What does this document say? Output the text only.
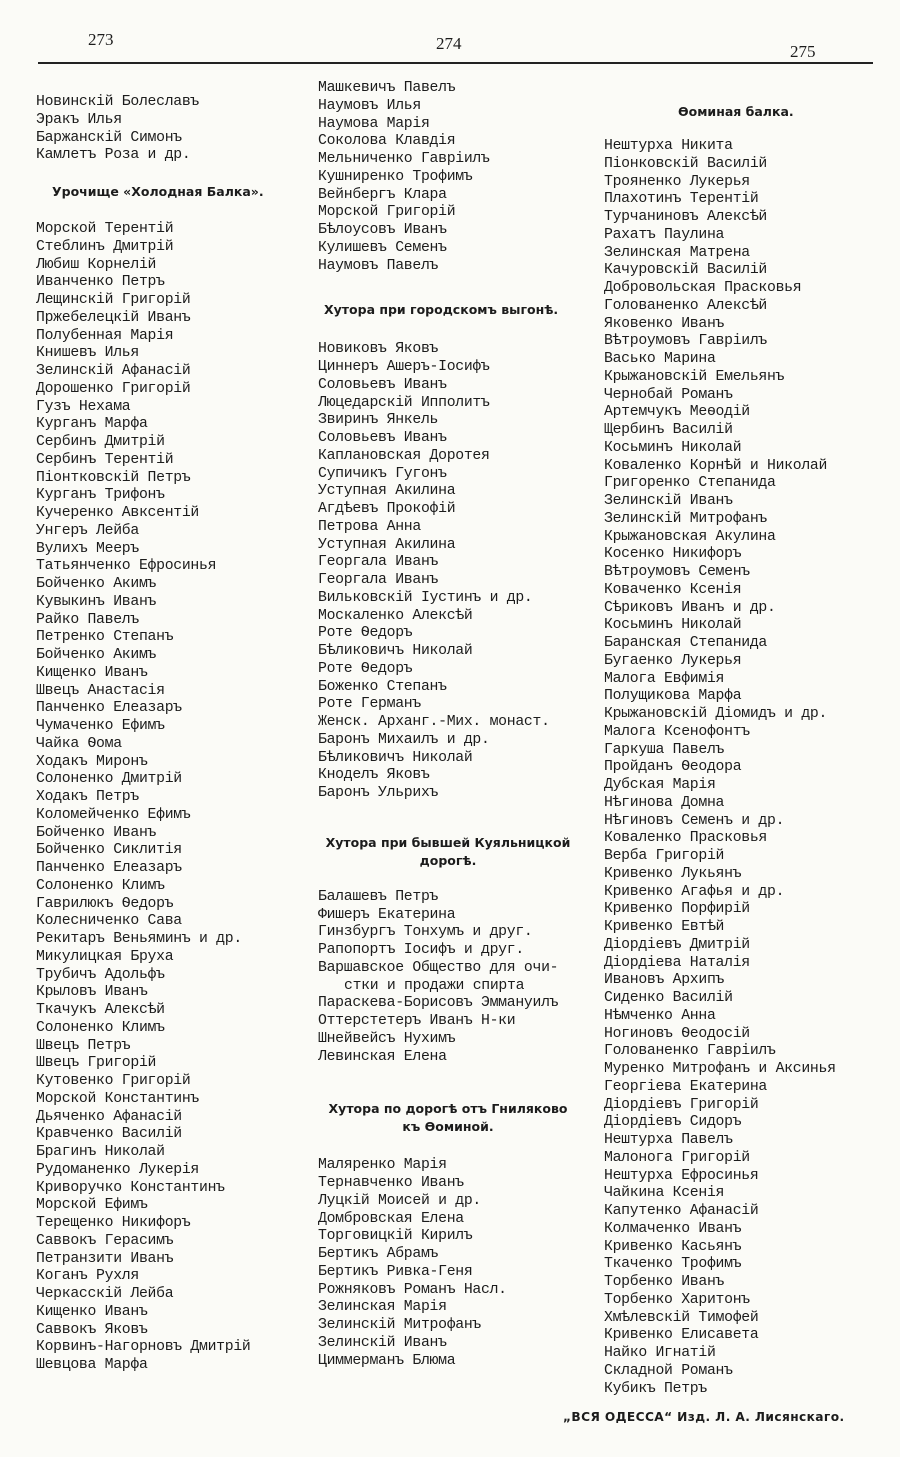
273	274	275
Новинскій Болеславъ
Эракъ Илья
Баржанскій Симонъ
Камлетъ Роза и др.
Урочище «Холодная Балка».
Морской Терентій
Стеблинъ Дмитрій
Любиш Корнелій
Иванченко Петръ
Лещинскій Григорій
Пржебелецкій Иванъ
Полубенная Марія
Книшевъ Илья
Зелинскій Афанасій
Дорошенко Григорій
Гузъ Нехама
Курганъ Марфа
Сербинъ Дмитрій
Сербинъ Терентій
Піонтковскій Петръ
Курганъ Трифонъ
Кучеренко Авксентій
Унгеръ Лейба
Вулихъ Мееръ
Татьянченко Ефросинья
Бойченко Акимъ
Кувыкинъ Иванъ
Райко Павелъ
Петренко Степанъ
Бойченко Акимъ
Кищенко Иванъ
Швецъ Анастасія
Панченко Елеазаръ
Чумаченко Ефимъ
Чайка Ѳома
Ходакъ Миронъ
Солоненко Дмитрій
Ходакъ Петръ
Коломейченко Ефимъ
Бойченко Иванъ
Бойченко Сиклитія
Панченко Елеазаръ
Солоненко Климъ
Гаврилюкъ Ѳедоръ
Колесниченко Сава
Рекитаръ Веньяминъ и др.
Микулицкая Бруха
Трубичъ Адольфъ
Крыловъ Иванъ
Ткачукъ Алексѣй
Солоненко Климъ
Швецъ Петръ
Швецъ Григорій
Кутовенко Григорій
Морской Константинъ
Дьяченко Афанасій
Кравченко Василій
Брагинъ Николай
Рудоманенко Лукерія
Криворучко Константинъ
Морской Ефимъ
Терещенко Никифоръ
Саввокъ Герасимъ
Петранзити Иванъ
Коганъ Рухля
Черкасскій Лейба
Кищенко Иванъ
Саввокъ Яковъ
Корвинъ-Нагорновъ Дмитрій
Шевцова Марфа
Машкевичъ Павелъ
Наумовъ Илья
Наумова Марія
Соколова Клавдія
Мельниченко Гавріилъ
Кушниренко Трофимъ
Вейнбергъ Клара
Морской Григорій
Бѣлоусовъ Иванъ
Кулишевъ Семенъ
Наумовъ Павелъ
Хутора при городскомъ выгонѣ.
Новиковъ Яковъ
Циннеръ Ашеръ-Іосифъ
Соловьевъ Иванъ
Люцедарскій Ипполитъ
Звиринъ Янкель
Соловьевъ Иванъ
Каплановская Доротея
Супичикъ Гугонъ
Уступная Акилина
Агдѣевъ Прокофій
Петрова Анна
Уступная Акилина
Георгала Иванъ
Георгала Иванъ
Вильковскій Іустинъ и др.
Москаленко Алексѣй
Роте Ѳедоръ
Бѣликовичъ Николай
Роте Ѳедоръ
Боженко Степанъ
Роте Германъ
Женск. Арханг.-Мих. монаст.
Баронъ Михаилъ и др.
Бѣликовичъ Николай
Кноделъ Яковъ
Баронъ Ульрихъ
Хутора при бывшей Куяльницкой дорогѣ.
Балашевъ Петръ
Фишеръ Екатерина
Гинзбургъ Тонхумъ и друг.
Рапопортъ Іосифъ и друг.
Варшавское Общество для очи-
стки и продажи спирта
Параскева-Борисовъ Эммануилъ
Оттерстетеръ Иванъ Н-ки
Шнейвейсъ Нухимъ
Левинская Елена
Хутора по дорогѣ отъ Гниляково къ Ѳоминой.
Маляренко Марія
Тернавченко Иванъ
Луцкій Моисей и др.
Домбровская Елена
Торговицкій Кирилъ
Бертикъ Абрамъ
Бертикъ Ривка-Геня
Рожняковъ Романъ Насл.
Зелинская Марія
Зелинскій Митрофанъ
Зелинскій Иванъ
Циммерманъ Блюма
Ѳоминая балка.
Нештурха Никита
Піонковскій Василій
Трояненко Лукерья
Плахотинъ Терентій
Турчаниновъ Алексѣй
Рахатъ Паулина
Зелинская Матрена
Качуровскій Василій
Добровольская Прасковья
Голованенко Алексѣй
Яковенко Иванъ
Вѣтроумовъ Гавріилъ
Васько Марина
Крыжановскій Емельянъ
Чернобай Романъ
Артемчукъ Меѳодій
Щербинъ Василій
Косьминъ Николай
Коваленко Корнѣй и Николай
Григоренко Степанида
Зелинскій Иванъ
Зелинскій Митрофанъ
Крыжановская Акулина
Косенко Никифоръ
Вѣтроумовъ Семенъ
Коваченко Ксенія
Сѣриковъ Иванъ и др.
Косьминъ Николай
Баранская Степанида
Бугаенко Лукерья
Малога Евфимія
Полущикова Марфа
Крыжановскій Діомидъ и др.
Малога Ксенофонтъ
Гаркуша Павелъ
Пройданъ Ѳеодора
Дубская Марія
Нѣгинова Домна
Нѣгиновъ Семенъ и др.
Коваленко Прасковья
Верба Григорій
Кривенко Лукьянъ
Кривенко Агафья и др.
Кривенко Порфирій
Кривенко Евтѣй
Діордіевъ Дмитрій
Діордіева Наталія
Ивановъ Архипъ
Сиденко Василій
Нѣмченко Анна
Ногиновъ Ѳеодосій
Голованенко Гавріилъ
Муренко Митрофанъ и Аксинья
Георгіева Екатерина
Діордіевъ Григорій
Діордіевъ Сидоръ
Нештурха Павелъ
Малонога Григорій
Нештурха Ефросинья
Чайкина Ксенія
Капутенко Афанасій
Колмаченко Иванъ
Кривенко Касьянъ
Ткаченко Трофимъ
Торбенко Иванъ
Торбенко Харитонъ
Хмѣлевскій Тимофей
Кривенко Елисавета
Найко Игнатій
Складной Романъ
Кубикъ Петръ
„ВСЯ ОДЕССА“ Изд. Л. А. Лисянскаго.
